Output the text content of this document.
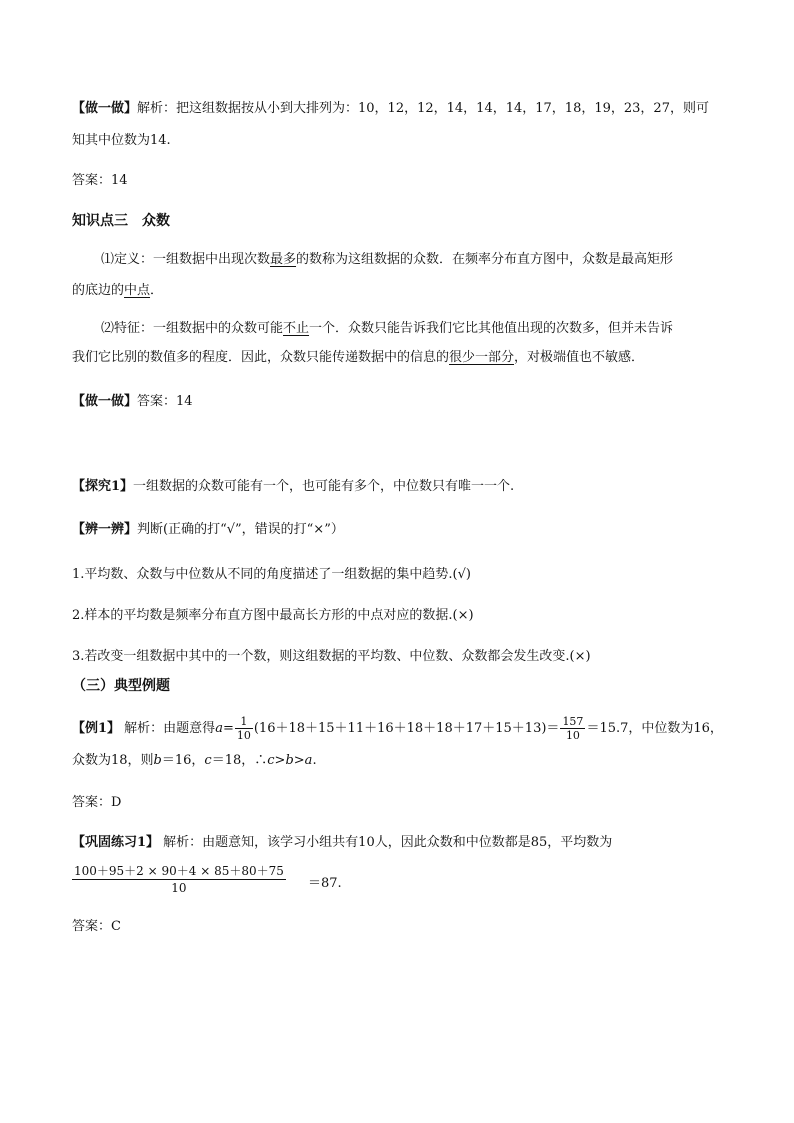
【做一做】解析：把这组数据按从小到大排列为：10，12，12，14，14，14，17，18，19，23，27，则可
知其中位数为14.
答案：14
知识点三　众数
⑴定义：一组数据中出现次数最多的数称为这组数据的众数．在频率分布直方图中，众数是最高矩形
的底边的中点．
⑵特征：一组数据中的众数可能不止一个．众数只能告诉我们它比其他值出现的次数多，但并未告诉
我们它比别的数值多的程度．因此，众数只能传递数据中的信息的很少一部分，对极端值也不敏感．
【做一做】答案：14
【探究1】一组数据的众数可能有一个，也可能有多个，中位数只有唯一一个.
【辨一辨】判断(正确的打“√”，错误的打“×”）
1.平均数、众数与中位数从不同的角度描述了一组数据的集中趋势.(√)
2.样本的平均数是频率分布直方图中最高长方形的中点对应的数据.(×)
3.若改变一组数据中其中的一个数，则这组数据的平均数、中位数、众数都会发生改变.(×)
（三）典型例题
【例1】 解析：由题意得$a= \frac{1}{10} (16+18+15+11+16+18+18+17+15+13)= \frac{157}{10} =15.7$，中位数为16，
众数为18，则b＝16，c＝18，∴c>b>a.
答案：D
【巩固练习1】 解析：由题意知，该学习小组共有10人，因此众数和中位数都是85，平均数为
100＋95＋2 × 90＋4 × 85＋80＋75
10	＝87.
答案：C
